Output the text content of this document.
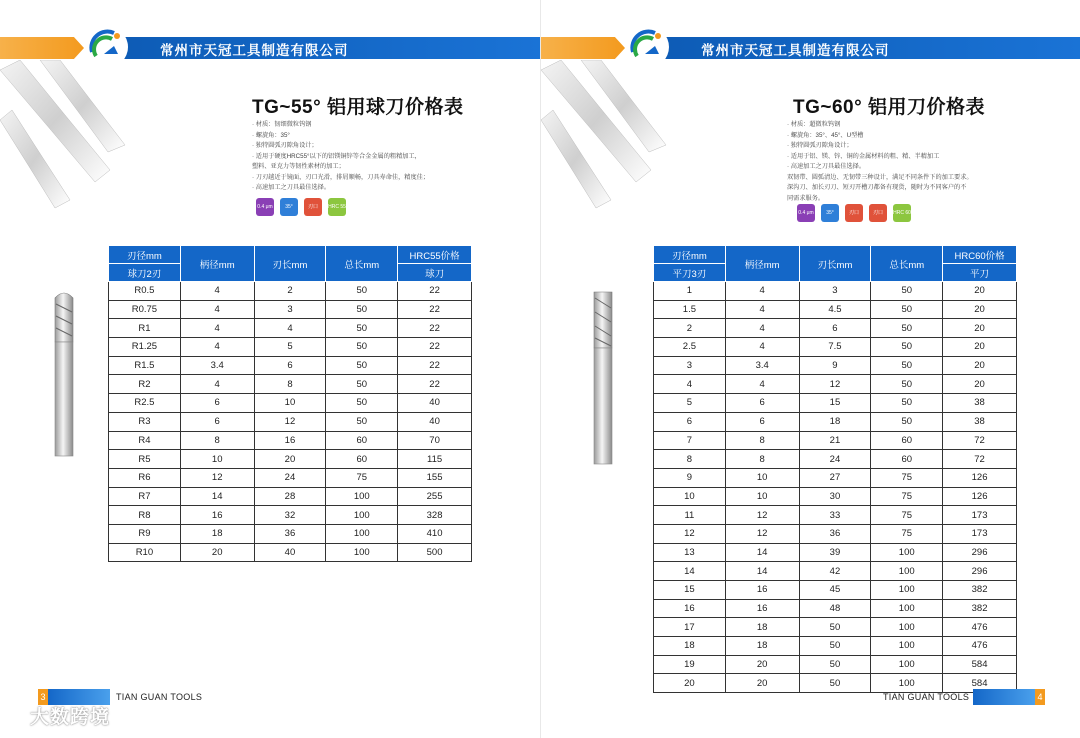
常州市天冠工具制造有限公司
TG~55° 铝用球刀价格表
· 材质：韧细微粒钨钢
· 螺旋角：35°
· 独特圆弧刃隙角设计；
· 适用于硬度HRC55°以下的铝镁铜锌等合金金属的粗精加工，
塑料、亚克力等韧性素材的加工；
· 刀刃越近于镜面，刃口光滑，排屑顺畅，刀具寿命佳，精度佳；
· 高速加工之刀具最佳选择。
0.4 μm	35°	刃口	HRC 55
刃径mm	柄径mm	刃长mm	总长mm	HRC55价格
球刀2刃				球刀
R0.5	4	2	50	22
R0.75	4	3	50	22
R1	4	4	50	22
R1.25	4	5	50	22
R1.5	3.4	6	50	22
R2	4	8	50	22
R2.5	6	10	50	40
R3	6	12	50	40
R4	8	16	60	70
R5	10	20	60	115
R6	12	24	75	155
R7	14	28	100	255
R8	16	32	100	328
R9	18	36	100	410
R10	20	40	100	500
3	TIAN GUAN TOOLS
常州市天冠工具制造有限公司
TG~60° 铝用刀价格表
· 材质：超微粒钨钢
· 螺旋角：35°、45°、U型槽
· 独特圆弧刃隙角设计；
· 适用于铝、镁、锌、铜的金属材料的粗、精、半精加工
· 高速加工之刀具最佳选择。
双韧带、圆弧清边、无韧带三种设计，满足不同条件下的加工要求。
深沟刀、加长刃刀、短刃开槽刀都备有现货，随时为不同客户的不
同需求服务。
0.4 μm	35°	刃口	刃口	HRC 60
刃径mm	柄径mm	刃长mm	总长mm	HRC60价格
平刀3刃				平刀
1	4	3	50	20
1.5	4	4.5	50	20
2	4	6	50	20
2.5	4	7.5	50	20
3	3.4	9	50	20
4	4	12	50	20
5	6	15	50	38
6	6	18	50	38
7	8	21	60	72
8	8	24	60	72
9	10	27	75	126
10	10	30	75	126
11	12	33	75	173
12	12	36	75	173
13	14	39	100	296
14	14	42	100	296
15	16	45	100	382
16	16	48	100	382
17	18	50	100	476
18	18	50	100	476
19	20	50	100	584
20	20	50	100	584
TIAN GUAN TOOLS	4
大数跨境
